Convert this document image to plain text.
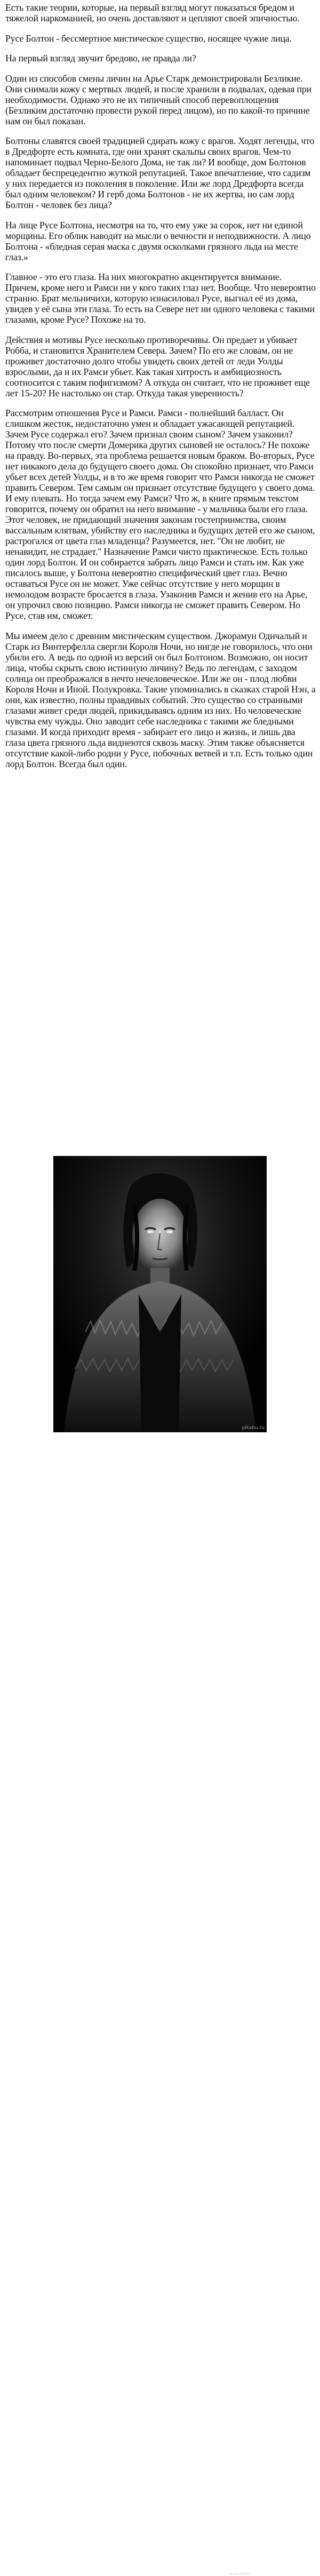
Есть такие теории, которые, на первый взгляд могут показаться бредом и тяжелой наркоманией, но очень доставляют и цепляют своей эпичностью.

Русе Болтон - бессмертное мистическое существо, носящее чужие лица.

На первый взгляд звучит бредово, не правда ли?

Один из способов смены личин на Арье Старк демонстрировали Безликие. Они снимали кожу с мертвых людей, и после хранили в подвалах, одевая при необходимости. Однако это не их типичный способ перевоплощения (Безликим достаточно провести рукой перед лицом), но по какой-то причине нам он был показан.

Болтоны славятся своей традицией сдирать кожу с врагов. Ходят легенды, что в Дредфорте есть комната, где они хранят скальпы своих врагов. Чем-то напоминает подвал Черно-Белого Дома, не так ли? И вообще, дом Болтонов обладает беспрецедентно жуткой репутацией. Такое впечатление, что садизм у них передается из поколения в поколение. Или же лорд Дредфорта всегда был одним человеком? И герб дома Болтонов - не их жертва, но сам лорд Болтон - человек без лица?

На лице Русе Болтона, несмотря на то, что ему уже за сорок, нет ни единой морщины. Его облик наводит на мысли о вечности и неподвижности. А лицо Болтона - «бледная серая маска с двумя осколками грязного льда на месте глаз.»

Главное - это его глаза. На них многократно акцентируется внимание. Причем, кроме него и Рамси ни у кого таких глаз нет. Вообще. Что невероятно странно. Брат мельничихи, которую изнасиловал Русе, выгнал её из дома, увидев у её сына эти глаза. То есть на Севере нет ни одного человека с такими глазами, кроме Русе? Похоже на то.

Действия и мотивы Русе несколько противоречивы. Он предает и убивает Робба, и становится Хранителем Севера. Зачем? По его же словам, он не проживет достаточно долго чтобы увидеть своих детей от леди Уолды взрослыми, да и их Рамси убьет. Как такая хитрость и амбициозность соотносится с таким пофигизмом? А откуда он считает, что не проживет еще лет 15-20? Не настолько он стар. Откуда такая уверенность?

Рассмотрим отношения Русе и Рамси. Рамси - полнейший балласт. Он слишком жесток, недостаточно умен и обладает ужасающей репутацией. Зачем Русе содержал его? Зачем признал своим сыном? Зачем узаконил? Потому что после смерти Домерика других сыновей не осталось? Не похоже на правду. Во-первых, эта проблема решается новым браком. Во-вторых, Русе нет никакого дела до будущего своего дома. Он спокойно признает, что Рамси убьет всех детей Уолды, и в то же время говорит что Рамси никогда не сможет править Севером. Тем самым он признает отсутствие будущего у своего дома. И ему плевать. Но тогда зачем ему Рамси? Что ж, в книге прямым текстом говорится, почему он обратил на него внимание - у мальчика были его глаза. Этот человек, не придающий значения законам гостеприимства, своим вассальным клятвам, убийству его наследника и будущих детей его же сыном, растрогался от цвета глаз младенца? Разумеется, нет. "Он не любит, не ненавидит, не страдает." Назначение Рамси чисто практическое. Есть только один лорд Болтон. И он собирается забрать лицо Рамси и стать им. Как уже писалось выше, у Болтона невероятно специфический цвет глаз. Вечно оставаться Русе он не может. Уже сейчас отсутствие у него морщин в немолодом возрасте бросается в глаза. Узаконив Рамси и женив его на Арье, он упрочил свою позицию. Рамси никогда не сможет править Севером. Но Русе, став им, сможет.

Мы имеем дело с древним мистическим существом. Джорамун Одичалый и Старк из Винтерфелла свергли Короля Ночи, но нигде не говорилось, что они убили его. А ведь по одной из версий он был Болтоном. Возможно, он носит лица, чтобы скрыть свою истинную личину? Ведь по легендам, с заходом солнца он преображался в нечто нечеловеческое. Или же он - плод любви Короля Ночи и Иной. Полукровка. Такие упоминались в сказках старой Нэн, а они, как известно, полны правдивых событий. Это существо со странными глазами живет среди людей, прикидываясь одним из них. Но человеческие чувства ему чужды. Оно заводит себе наследника с такими же бледными глазами. И когда приходит время - забирает его лицо и жизнь, и лишь два глаза цвета грязного льда виднеются сквозь маску. Этим также объясняется отсутствие какой-либо родни у Русе, побочных ветвей и т.п. Есть только один лорд Болтон. Всегда был один.

Roose Bolton
pikabu.ru
